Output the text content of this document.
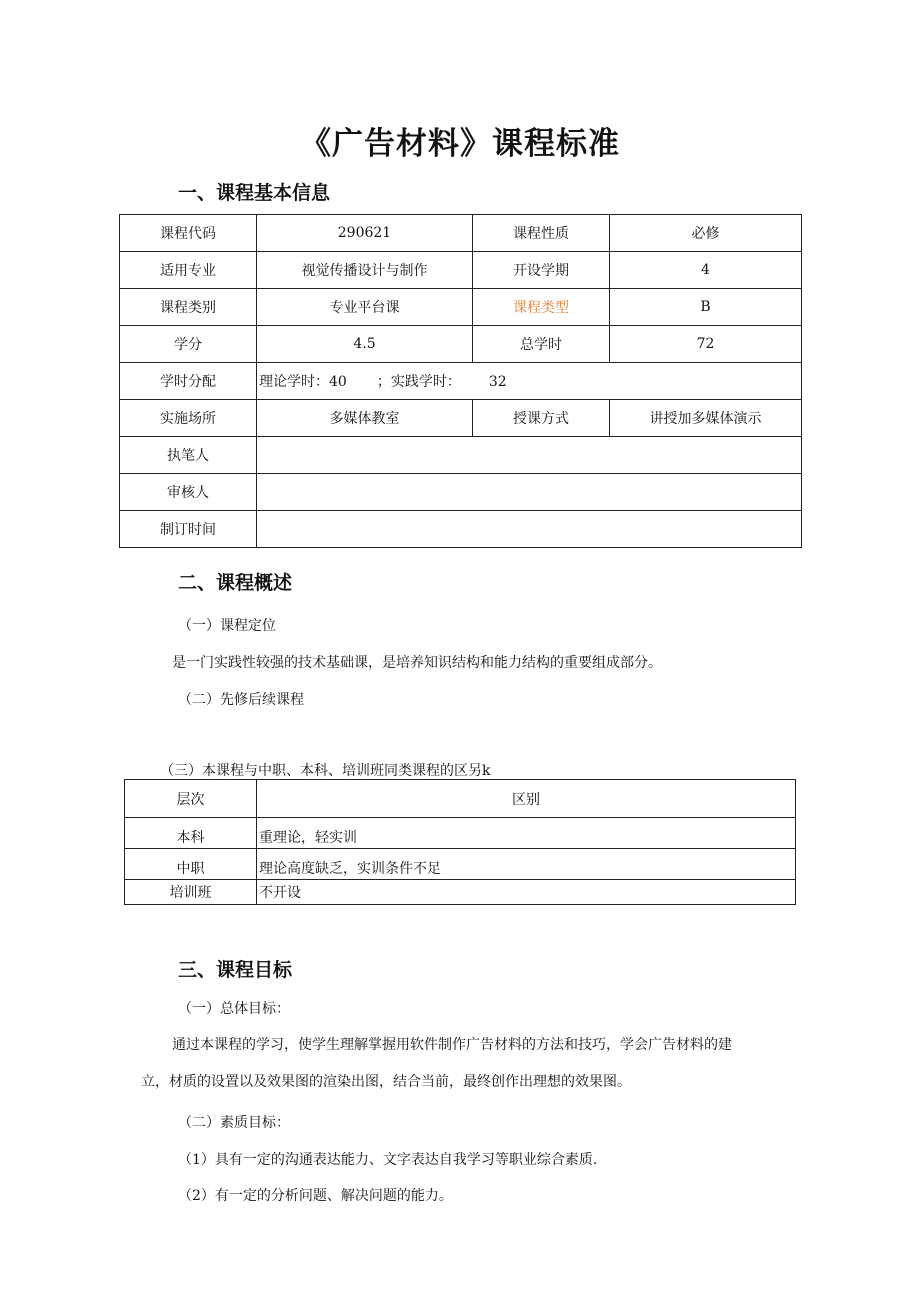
《广告材料》课程标准
一、课程基本信息
课程代码	290621	课程性质	必修
适用专业	视觉传播设计与制作	开设学期	4
课程类别	专业平台课	课程类型	B
学分	4.5	总学时	72
学时分配	理论学时：40 ；实践学时： 32		
实施场所	多媒体教室	授课方式	讲授加多媒体演示
执笔人			
审核人			
制订时间			
二、课程概述
（一）课程定位
是一门实践性较强的技术基础课，是培养知识结构和能力结构的重要组成部分。
（二）先修后续课程
（三）本课程与中职、本科、培训班同类课程的区另k
层次	区别
本科	重理论，轻实训
中职	理论高度缺乏，实训条件不足
培训班	不开设
三、课程目标
（一）总体目标：
通过本课程的学习，使学生理解掌握用软件制作广告材料的方法和技巧，学会广告材料的建
立，材质的设置以及效果图的渲染出图，结合当前，最终创作出理想的效果图。
（二）素质目标：
（1）具有一定的沟通表达能力、文字表达自我学习等职业综合素质.
（2）有一定的分析问题、解决问题的能力。
